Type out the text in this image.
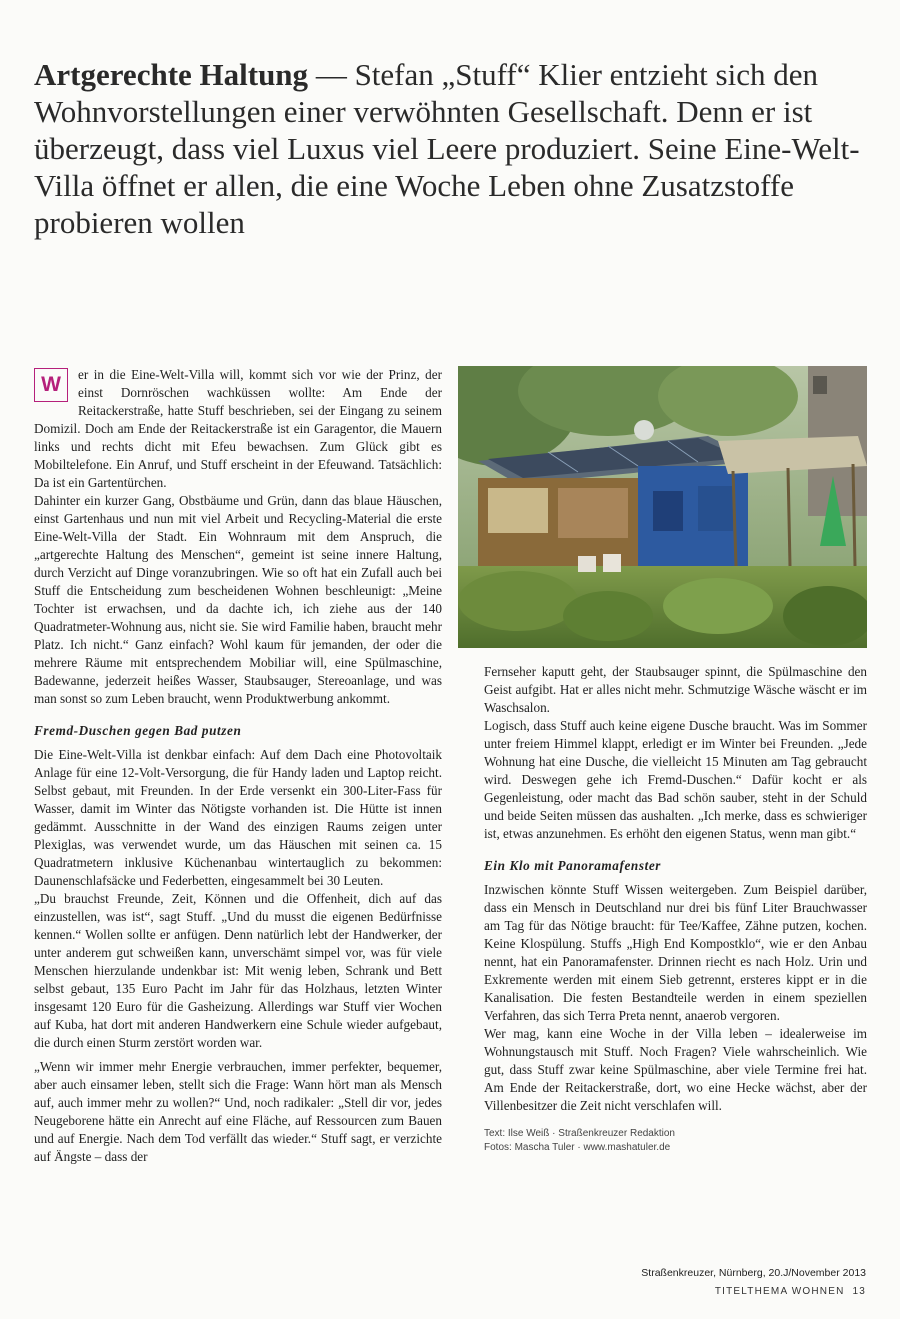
Artgerechte Haltung — Stefan „Stuff“ Klier entzieht sich den Wohnvorstellungen einer verwöhnten Gesellschaft. Denn er ist überzeugt, dass viel Luxus viel Leere produziert. Seine Eine-Welt-Villa öffnet er allen, die eine Woche Leben ohne Zusatzstoffe probieren wollen
W	er in die Eine-Welt-Villa will, kommt sich vor wie der Prinz, der einst Dornröschen wachküssen wollte: Am Ende der Reitackerstraße, hatte Stuff beschrieben, sei der Eingang zu seinem Domizil. Doch am Ende der Reitackerstraße ist ein Garagentor, die Mauern links und rechts dicht mit Efeu bewachsen. Zum Glück gibt es Mobiltelefone. Ein Anruf, und Stuff erscheint in der Efeuwand. Tatsächlich: Da ist ein Gartentürchen.

Dahinter ein kurzer Gang, Obstbäume und Grün, dann das blaue Häuschen, einst Gartenhaus und nun mit viel Arbeit und Recycling-Material die erste Eine-Welt-Villa der Stadt. Ein Wohnraum mit dem Anspruch, die „artgerechte Haltung des Menschen“, gemeint ist seine innere Haltung, durch Verzicht auf Dinge voranzubringen. Wie so oft hat ein Zufall auch bei Stuff die Entscheidung zum bescheidenen Wohnen beschleunigt: „Meine Tochter ist erwachsen, und da dachte ich, ich ziehe aus der 140 Quadratmeter-Wohnung aus, nicht sie. Sie wird Familie haben, braucht mehr Platz. Ich nicht.“ Ganz einfach? Wohl kaum für jemanden, der oder die mehrere Räume mit entsprechendem Mobiliar will, eine Spülmaschine, Badewanne, jederzeit heißes Wasser, Staubsauger, Stereoanlage, und was man sonst so zum Leben braucht, wenn Produktwerbung ankommt.

Fremd-Duschen gegen Bad putzen

Die Eine-Welt-Villa ist denkbar einfach: Auf dem Dach eine Photovoltaik Anlage für eine 12-Volt-Versorgung, die für Handy laden und Laptop reicht. Selbst gebaut, mit Freunden. In der Erde versenkt ein 300-Liter-Fass für Wasser, damit im Winter das Nötigste vorhanden ist. Die Hütte ist innen gedämmt. Ausschnitte in der Wand des einzigen Raums zeigen unter Plexiglas, was verwendet wurde, um das Häuschen mit seinen ca. 15 Quadratmetern inklusive Küchenanbau wintertauglich zu bekommen: Daunenschlafsäcke und Federbetten, eingesammelt bei 30 Leuten.

„Du brauchst Freunde, Zeit, Können und die Offenheit, dich auf das einzustellen, was ist“, sagt Stuff. „Und du musst die eigenen Bedürfnisse kennen.“ Wollen sollte er anfügen. Denn natürlich lebt der Handwerker, der unter anderem gut schweißen kann, unverschämt simpel vor, was für viele Menschen hierzulande undenkbar ist: Mit wenig leben, Schrank und Bett selbst gebaut, 135 Euro Pacht im Jahr für das Holzhaus, letzten Winter insgesamt 120 Euro für die Gasheizung. Allerdings war Stuff vier Wochen auf Kuba, hat dort mit anderen Handwerkern eine Schule wieder aufgebaut, die durch einen Sturm zerstört worden war.

„Wenn wir immer mehr Energie verbrauchen, immer perfekter, bequemer, aber auch einsamer leben, stellt sich die Frage: Wann hört man als Mensch auf, auch immer mehr zu wollen?“ Und, noch radikaler: „Stell dir vor, jedes Neugeborene hätte ein Anrecht auf eine Fläche, auf Ressourcen zum Bauen und auf Energie. Nach dem Tod verfällt das wieder.“ Stuff sagt, er verzichte auf Ängste – dass der

Fernseher kaputt geht, der Staubsauger spinnt, die Spülmaschine den Geist aufgibt. Hat er alles nicht mehr. Schmutzige Wäsche wäscht er im Waschsalon.

Logisch, dass Stuff auch keine eigene Dusche braucht. Was im Sommer unter freiem Himmel klappt, erledigt er im Winter bei Freunden. „Jede Wohnung hat eine Dusche, die vielleicht 15 Minuten am Tag gebraucht wird. Deswegen gehe ich Fremd-Duschen.“ Dafür kocht er als Gegenleistung, oder macht das Bad schön sauber, steht in der Schuld und beide Seiten müssen das aushalten. „Ich merke, dass es schwieriger ist, etwas anzunehmen. Es erhöht den eigenen Status, wenn man gibt.“

Ein Klo mit Panoramafenster

Inzwischen könnte Stuff Wissen weitergeben. Zum Beispiel darüber, dass ein Mensch in Deutschland nur drei bis fünf Liter Brauchwasser am Tag für das Nötige braucht: für Tee/Kaffee, Zähne putzen, kochen. Keine Klospülung. Stuffs „High End Kompostklo“, wie er den Anbau nennt, hat ein Panoramafenster. Drinnen riecht es nach Holz. Urin und Exkremente werden mit einem Sieb getrennt, ersteres kippt er in die Kanalisation. Die festen Bestandteile werden in einem speziellen Verfahren, das sich Terra Preta nennt, anaerob vergoren.

Wer mag, kann eine Woche in der Villa leben – idealerweise im Wohnungstausch mit Stuff. Noch Fragen? Viele wahrscheinlich. Wie gut, dass Stuff zwar keine Spülmaschine, aber viele Termine frei hat. Am Ende der Reitackerstraße, dort, wo eine Hecke wächst, aber der Villenbesitzer die Zeit nicht verschlafen will.

Text: Ilse Weiß · Straßenkreuzer Redaktion
Fotos: Mascha Tuler · www.mashatuler.de

Straßenkreuzer, Nürnberg, 20.J/November 2013
TITELTHEMA WOHNEN 13
